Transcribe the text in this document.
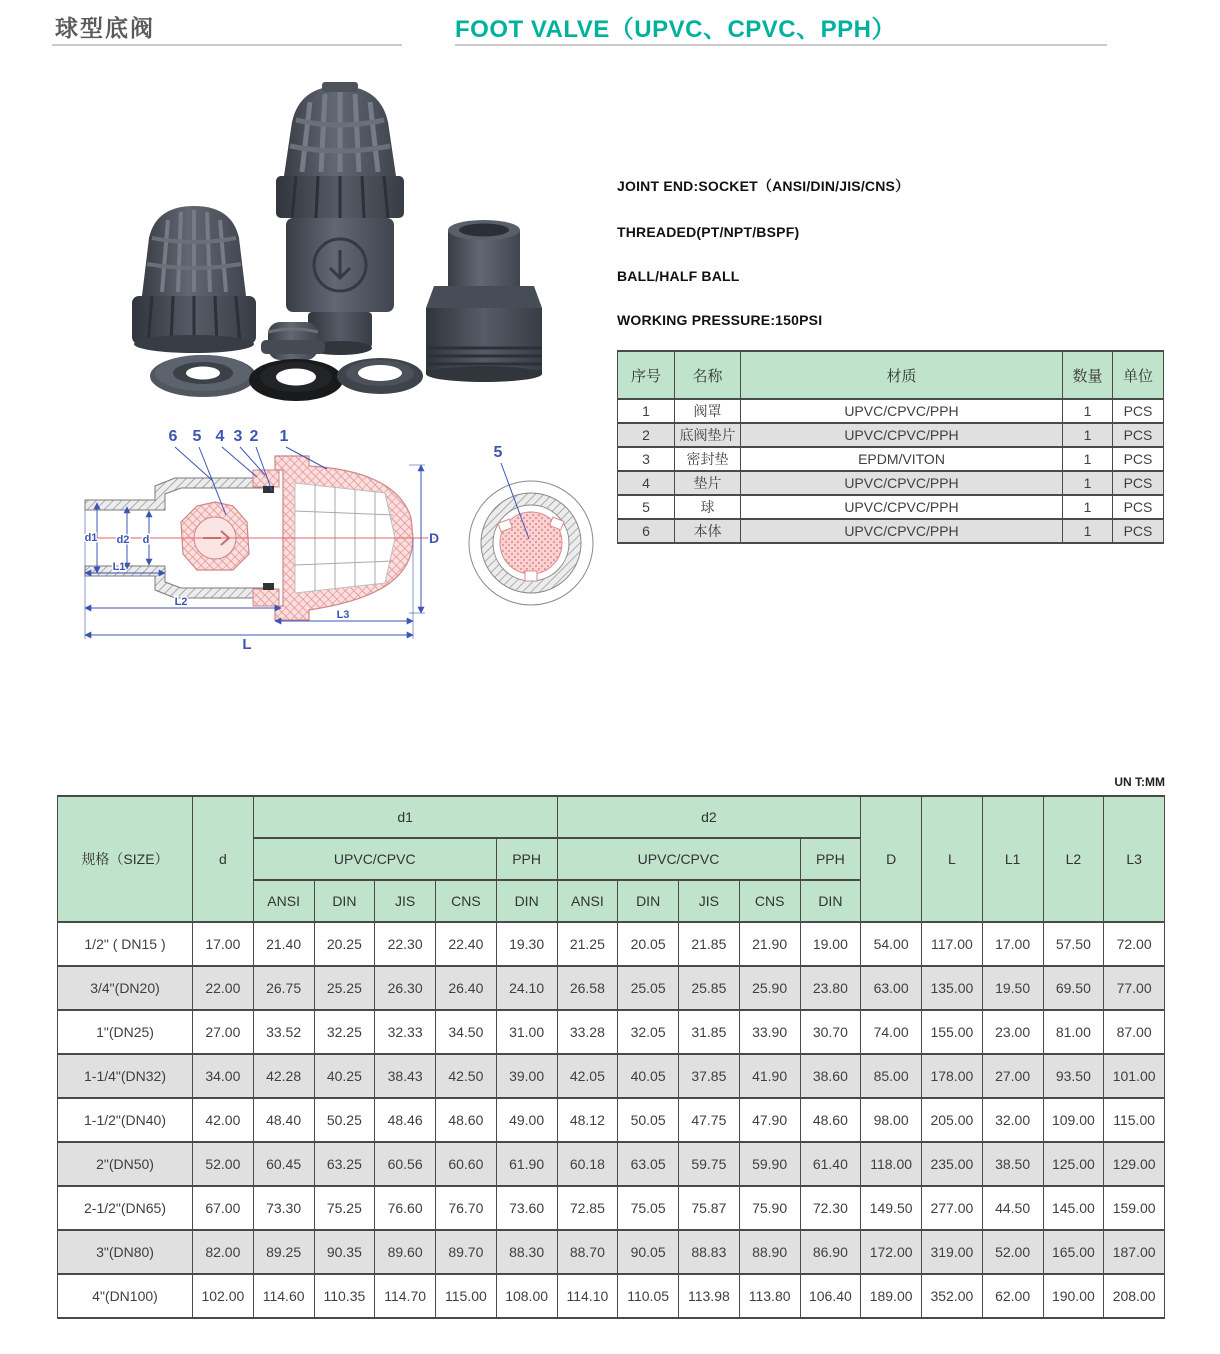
球型底阀	FOOT VALVE（UPVC、CPVC、PPH）
JOINT END:SOCKET（ANSI/DIN/JIS/CNS）
THREADED(PT/NPT/BSPF)
BALL/HALF BALL
WORKING PRESSURE:150PSI
序号	名称	材质	数量	单位
1	阀罩	UPVC/CPVC/PPH	1	PCS
2	底阀垫片	UPVC/CPVC/PPH	1	PCS
3	密封垫	EPDM/VITON	1	PCS
4	垫片	UPVC/CPVC/PPH	1	PCS
5	球	UPVC/CPVC/PPH	1	PCS
6	本体	UPVC/CPVC/PPH	1	PCS
d1 d2 d
L1
L2
L3
L
D
6 5 4 3 2 1
5
UN T:MM
规格（SIZE）	d	d1					d2					D	L	L1	L2	L3
		UPVC/CPVC				PPH	UPVC/CPVC				PPH					
		ANSI	DIN	JIS	CNS	DIN	ANSI	DIN	JIS	CNS	DIN					
1/2" ( DN15 )	17.00	21.40	20.25	22.30	22.40	19.30	21.25	20.05	21.85	21.90	19.00	54.00	117.00	17.00	57.50	72.00
3/4"(DN20)	22.00	26.75	25.25	26.30	26.40	24.10	26.58	25.05	25.85	25.90	23.80	63.00	135.00	19.50	69.50	77.00
1"(DN25)	27.00	33.52	32.25	32.33	34.50	31.00	33.28	32.05	31.85	33.90	30.70	74.00	155.00	23.00	81.00	87.00
1-1/4"(DN32)	34.00	42.28	40.25	38.43	42.50	39.00	42.05	40.05	37.85	41.90	38.60	85.00	178.00	27.00	93.50	101.00
1-1/2"(DN40)	42.00	48.40	50.25	48.46	48.60	49.00	48.12	50.05	47.75	47.90	48.60	98.00	205.00	32.00	109.00	115.00
2"(DN50)	52.00	60.45	63.25	60.56	60.60	61.90	60.18	63.05	59.75	59.90	61.40	118.00	235.00	38.50	125.00	129.00
2-1/2"(DN65)	67.00	73.30	75.25	76.60	76.70	73.60	72.85	75.05	75.87	75.90	72.30	149.50	277.00	44.50	145.00	159.00
3"(DN80)	82.00	89.25	90.35	89.60	89.70	88.30	88.70	90.05	88.83	88.90	86.90	172.00	319.00	52.00	165.00	187.00
4"(DN100)	102.00	114.60	110.35	114.70	115.00	108.00	114.10	110.05	113.98	113.80	106.40	189.00	352.00	62.00	190.00	208.00
